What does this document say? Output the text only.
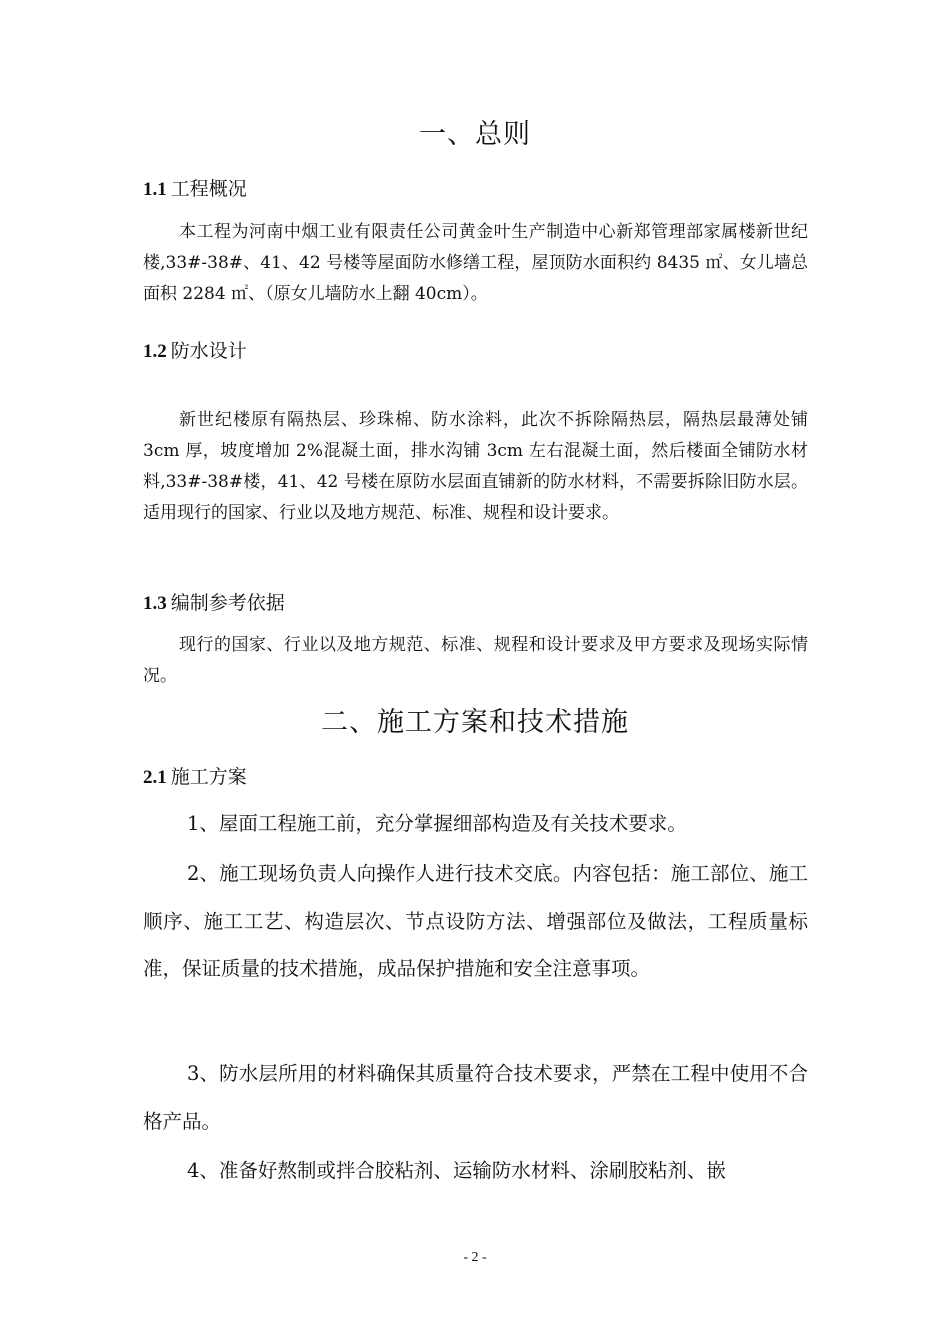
一、总则
1.1 工程概况
本工程为河南中烟工业有限责任公司黄金叶生产制造中心新郑管理部家属楼新世纪楼,33#-38#、41、42 号楼等屋面防水修缮工程，屋顶防水面积约 8435 ㎡、女儿墙总面积 2284 ㎡、（原女儿墙防水上翻 40cm）。
1.2 防水设计
新世纪楼原有隔热层、珍珠棉、防水涂料，此次不拆除隔热层，隔热层最薄处铺 3cm 厚，坡度增加 2%混凝土面，排水沟铺 3cm 左右混凝土面，然后楼面全铺防水材料,33#-38#楼，41、42 号楼在原防水层面直铺新的防水材料，不需要拆除旧防水层。适用现行的国家、行业以及地方规范、标准、规程和设计要求。
1.3 编制参考依据
现行的国家、行业以及地方规范、标准、规程和设计要求及甲方要求及现场实际情况。
二、施工方案和技术措施
2.1 施工方案
1、屋面工程施工前，充分掌握细部构造及有关技术要求。
2、施工现场负责人向操作人进行技术交底。内容包括：施工部位、施工顺序、施工工艺、构造层次、节点设防方法、增强部位及做法，工程质量标准，保证质量的技术措施，成品保护措施和安全注意事项。
3、防水层所用的材料确保其质量符合技术要求，严禁在工程中使用不合格产品。
4、准备好熬制或拌合胶粘剂、运输防水材料、涂刷胶粘剂、嵌
- 2 -
